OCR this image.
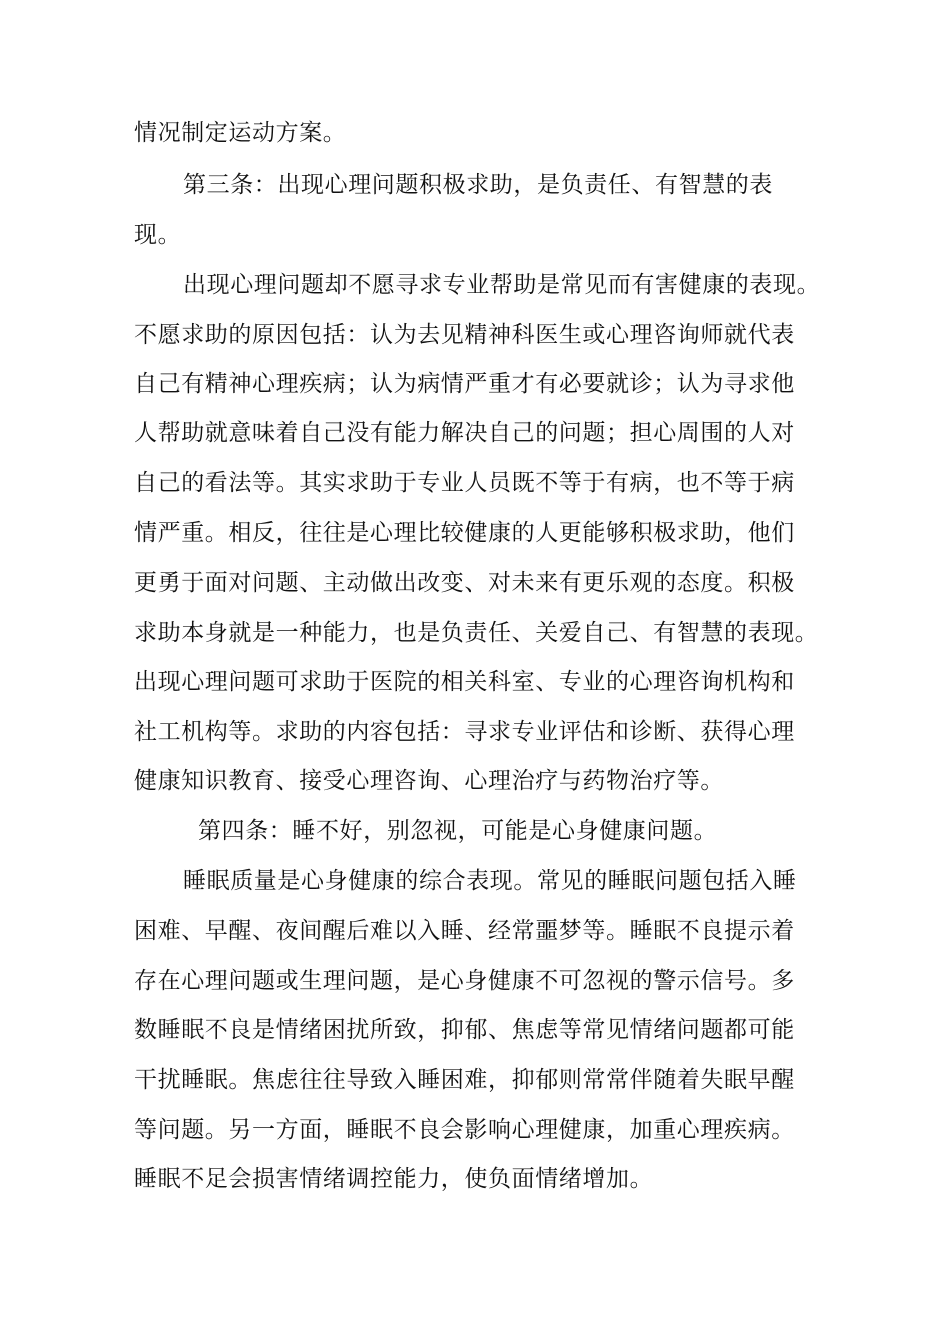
情况制定运动方案。

第三条：出现心理问题积极求助，是负责任、有智慧的表

现。

出现心理问题却不愿寻求专业帮助是常见而有害健康的表现。

不愿求助的原因包括：认为去见精神科医生或心理咨询师就代表

自己有精神心理疾病；认为病情严重才有必要就诊；认为寻求他

人帮助就意味着自己没有能力解决自己的问题；担心周围的人对

自己的看法等。其实求助于专业人员既不等于有病，也不等于病

情严重。相反，往往是心理比较健康的人更能够积极求助，他们

更勇于面对问题、主动做出改变、对未来有更乐观的态度。积极

求助本身就是一种能力，也是负责任、关爱自己、有智慧的表现。

出现心理问题可求助于医院的相关科室、专业的心理咨询机构和

社工机构等。求助的内容包括：寻求专业评估和诊断、获得心理

健康知识教育、接受心理咨询、心理治疗与药物治疗等。

第四条：睡不好，别忽视，可能是心身健康问题。

睡眠质量是心身健康的综合表现。常见的睡眠问题包括入睡

困难、早醒、夜间醒后难以入睡、经常噩梦等。睡眠不良提示着

存在心理问题或生理问题，是心身健康不可忽视的警示信号。多

数睡眠不良是情绪困扰所致，抑郁、焦虑等常见情绪问题都可能

干扰睡眠。焦虑往往导致入睡困难，抑郁则常常伴随着失眠早醒

等问题。另一方面，睡眠不良会影响心理健康，加重心理疾病。

睡眠不足会损害情绪调控能力，使负面情绪增加。
